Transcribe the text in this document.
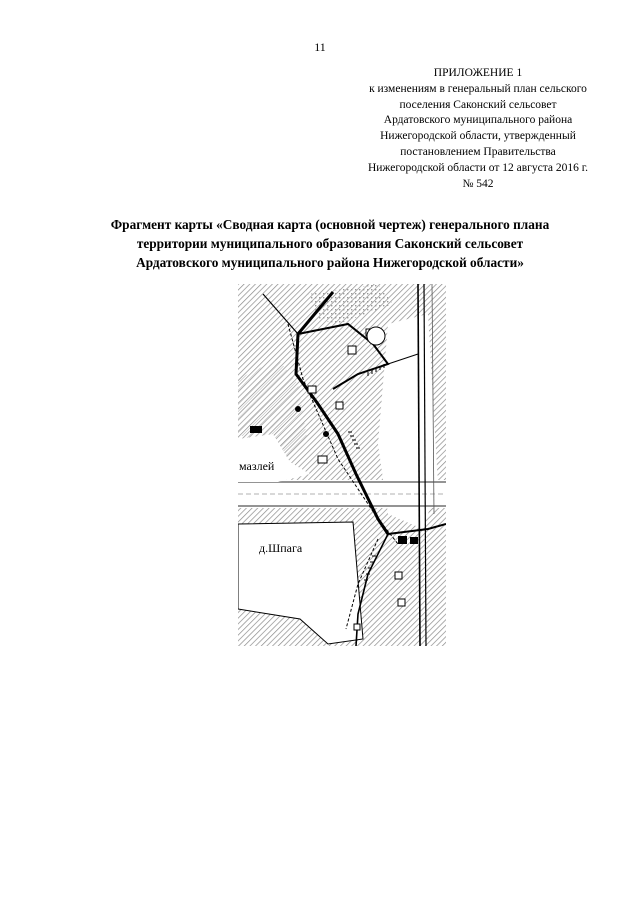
11
ПРИЛОЖЕНИЕ 1
к изменениям в генеральный план сельского
поселения Саконский сельсовет
Ардатовского муниципального района
Нижегородской области, утвержденный
постановлением Правительства
Нижегородской области от 12 августа 2016 г.
№ 542
Фрагмент карты «Сводная карта (основной чертеж) генерального плана
территории муниципального образования Саконский сельсовет
Ардатовского муниципального района Нижегородской области»
мазлей
д.Шпага
